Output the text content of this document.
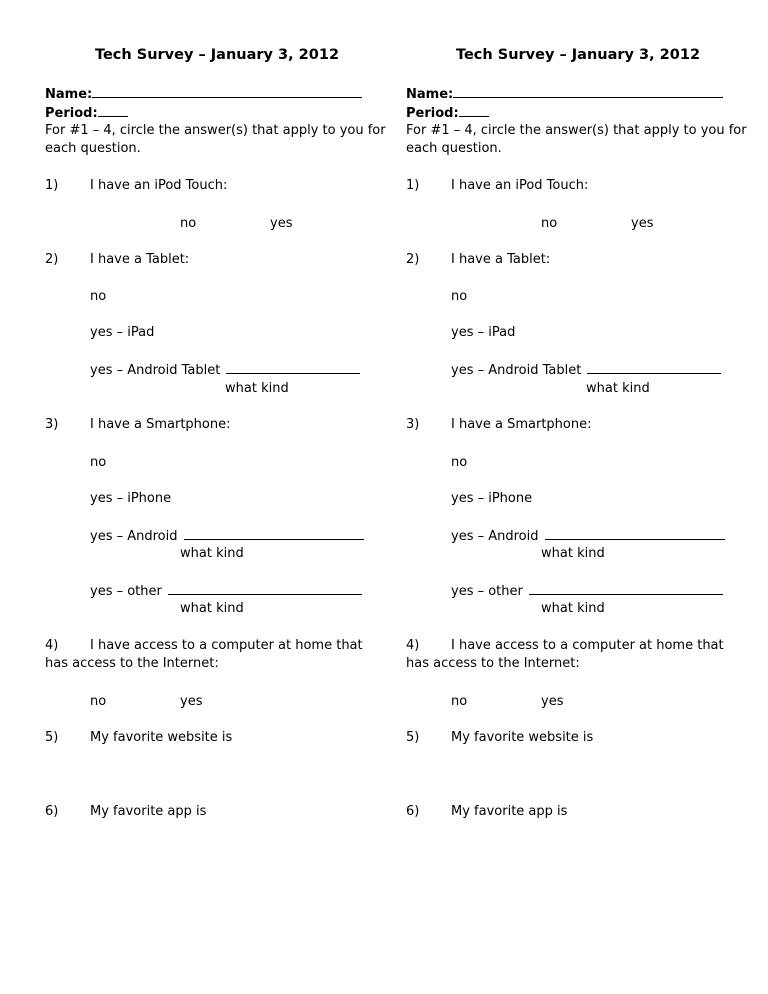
Tech Survey – January 3, 2012
Name:
Period:
For #1 – 4, circle the answer(s) that apply to you for
each question.
1) I have an iPod Touch:
no	yes
2) I have a Tablet:
no
yes – iPad
yes – Android Tablet
what kind
3) I have a Smartphone:
no
yes – iPhone
yes – Android
what kind
yes – other
what kind
4) I have access to a computer at home that
has access to the Internet:
no	yes
5) My favorite website is
6) My favorite app is
Tech Survey – January 3, 2012
Name:
Period:
For #1 – 4, circle the answer(s) that apply to you for
each question.
1) I have an iPod Touch:
no	yes
2) I have a Tablet:
no
yes – iPad
yes – Android Tablet
what kind
3) I have a Smartphone:
no
yes – iPhone
yes – Android
what kind
yes – other
what kind
4) I have access to a computer at home that
has access to the Internet:
no	yes
5) My favorite website is
6) My favorite app is
